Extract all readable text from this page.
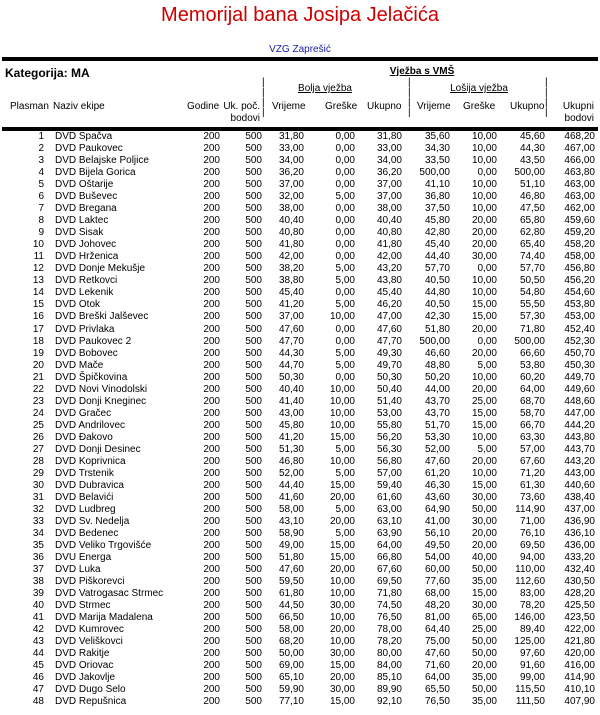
Memorijal bana Josipa Jelačića
VZG Zaprešić
Kategorija: MA	Vježba s VMŠ
Bolja vježba	Lošija vježba
|
|
|
|
|
|
|
|
|
|
|
|
Plasman Naziv ekipe	Godine Uk. poč.
bodovi
Vrijeme Greške Ukupno Vrijeme Greške Ukupno	Ukupni
bodovi
1 DVD Spačva	200	500	31,80	0,00	31,80	35,60	10,00	45,60	468,20
2 DVD Paukovec	200	500	33,00	0,00	33,00	34,30	10,00	44,30	467,00
3 DVD Belajske Poljice	200	500	34,00	0,00	34,00	33,50	10,00	43,50	466,00
4 DVD Bijela Gorica	200	500	36,20	0,00	36,20	500,00	0,00	500,00	463,80
5 DVD Oštarije	200	500	37,00	0,00	37,00	41,10	10,00	51,10	463,00
6 DVD Buševec	200	500	32,00	5,00	37,00	36,80	10,00	46,80	463,00
7 DVD Bregana	200	500	38,00	0,00	38,00	37,50	10,00	47,50	462,00
8 DVD Laktec	200	500	40,40	0,00	40,40	45,80	20,00	65,80	459,60
9 DVD Sisak	200	500	40,80	0,00	40,80	42,80	20,00	62,80	459,20
10 DVD Johovec	200	500	41,80	0,00	41,80	45,40	20,00	65,40	458,20
11 DVD Hrženica	200	500	42,00	0,00	42,00	44,40	30,00	74,40	458,00
12 DVD Donje Mekušje	200	500	38,20	5,00	43,20	57,70	0,00	57,70	456,80
13 DVD Retkovci	200	500	38,80	5,00	43,80	40,50	10,00	50,50	456,20
14 DVD Lekenik	200	500	45,40	0,00	45,40	44,80	10,00	54,80	454,60
15 DVD Otok	200	500	41,20	5,00	46,20	40,50	15,00	55,50	453,80
16 DVD Breški Jalševec	200	500	37,00	10,00	47,00	42,30	15,00	57,30	453,00
17 DVD Privlaka	200	500	47,60	0,00	47,60	51,80	20,00	71,80	452,40
18 DVD Paukovec 2	200	500	47,70	0,00	47,70	500,00	0,00	500,00	452,30
19 DVD Bobovec	200	500	44,30	5,00	49,30	46,60	20,00	66,60	450,70
20 DVD Mače	200	500	44,70	5,00	49,70	48,80	5,00	53,80	450,30
21 DVD Špičkovina	200	500	50,30	0,00	50,30	50,20	10,00	60,20	449,70
22 DVD Novi Vinodolski	200	500	40,40	10,00	50,40	44,00	20,00	64,00	449,60
23 DVD Donji Kneginec	200	500	41,40	10,00	51,40	43,70	25,00	68,70	448,60
24 DVD Gračec	200	500	43,00	10,00	53,00	43,70	15,00	58,70	447,00
25 DVD Andrilovec	200	500	45,80	10,00	55,80	51,70	15,00	66,70	444,20
26 DVD Đakovo	200	500	41,20	15,00	56,20	53,30	10,00	63,30	443,80
27 DVD Donji Desinec	200	500	51,30	5,00	56,30	52,00	5,00	57,00	443,70
28 DVD Koprivnica	200	500	46,80	10,00	56,80	47,60	20,00	67,60	443,20
29 DVD Trstenik	200	500	52,00	5,00	57,00	61,20	10,00	71,20	443,00
30 DVD Dubravica	200	500	44,40	15,00	59,40	46,30	15,00	61,30	440,60
31 DVD Belavići	200	500	41,60	20,00	61,60	43,60	30,00	73,60	438,40
32 DVD Ludbreg	200	500	58,00	5,00	63,00	64,90	50,00	114,90	437,00
33 DVD Sv. Nedelja	200	500	43,10	20,00	63,10	41,00	30,00	71,00	436,90
34 DVD Bedenec	200	500	58,90	5,00	63,90	56,10	20,00	76,10	436,10
35 DVD Veliko Trgovišće	200	500	49,00	15,00	64,00	49,50	20,00	69,50	436,00
36 DVU Energa	200	500	51,80	15,00	66,80	54,00	40,00	94,00	433,20
37 DVD Luka	200	500	47,60	20,00	67,60	60,00	50,00	110,00	432,40
38 DVD Piškorevci	200	500	59,50	10,00	69,50	77,60	35,00	112,60	430,50
39 DVD Vatrogasac Strmec	200	500	61,80	10,00	71,80	68,00	15,00	83,00	428,20
40 DVD Strmec	200	500	44,50	30,00	74,50	48,20	30,00	78,20	425,50
41 DVD Marija Madalena	200	500	66,50	10,00	76,50	81,00	65,00	146,00	423,50
42 DVD Kumrovec	200	500	58,00	20,00	78,00	64,40	25,00	89,40	422,00
43 DVD Veliškovci	200	500	68,20	10,00	78,20	75,00	50,00	125,00	421,80
44 DVD Rakitje	200	500	50,00	30,00	80,00	47,60	50,00	97,60	420,00
45 DVD Oriovac	200	500	69,00	15,00	84,00	71,60	20,00	91,60	416,00
46 DVD Jakovlje	200	500	65,10	20,00	85,10	64,00	35,00	99,00	414,90
47 DVD Dugo Selo	200	500	59,90	30,00	89,90	65,50	50,00	115,50	410,10
48 DVD Repušnica	200	500	77,10	15,00	92,10	76,50	35,00	111,50	407,90
